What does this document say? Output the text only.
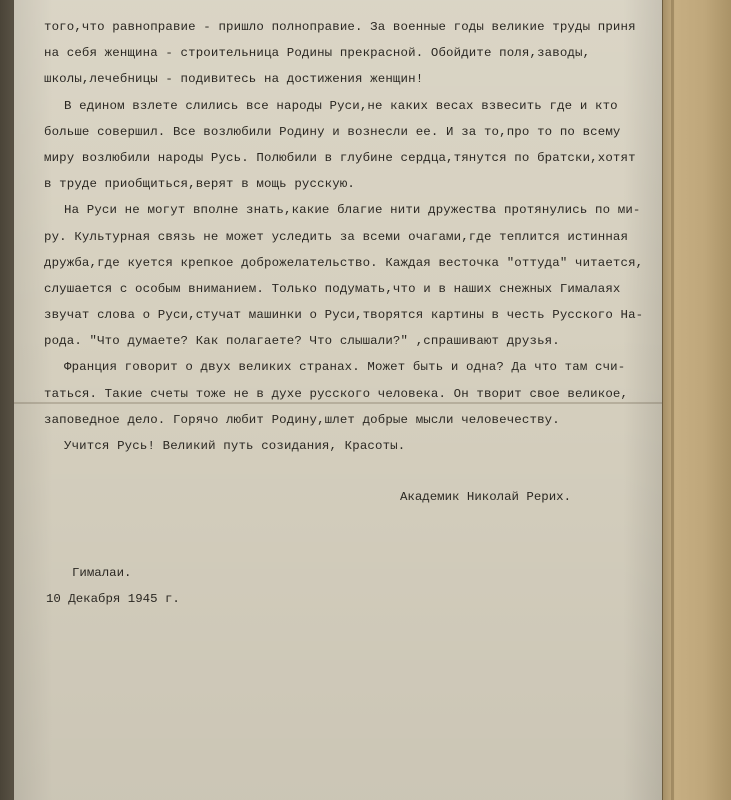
того,что равноправие - пришло полноправие. За военные годы великие труды приня
на себя женщина - строительница Родины прекрасной. Обойдите поля,заводы,
школы,лечебницы - подивитесь на достижения женщин!
В едином взлете слились все народы Руси,не каких весах взвесить где и кто
больше совершил. Все возлюбили Родину и вознесли ее. И за то,про то по всему
миру возлюбили народы Русь. Полюбили в глубине сердца,тянутся по братски,хотят
в труде приобщиться,верят в мощь русскую.
На Руси не могут вполне знать,какие благие нити дружества протянулись по ми-
ру. Культурная связь не может уследить за всеми очагами,где теплится истинная
дружба,где куется крепкое доброжелательство. Каждая весточка "оттуда" читается,
слушается с особым вниманием. Только подумать,что и в наших снежных Гималаях
звучат слова о Руси,стучат машинки о Руси,творятся картины в честь Русского На-
рода. "Что думаете? Как полагаете? Что слышали?" ,спрашивают друзья.
Франция говорит о двух великих странах. Может быть и одна? Да что там счи-
таться. Такие счеты тоже не в духе русского человека. Он творит свое великое,
заповедное дело. Горячо любит Родину,шлет добрые мысли человечеству.
Учится Русь! Великий путь созидания, Красоты.
Академик Николай Рерих.
Гималаи.
10 Декабря 1945 г.
